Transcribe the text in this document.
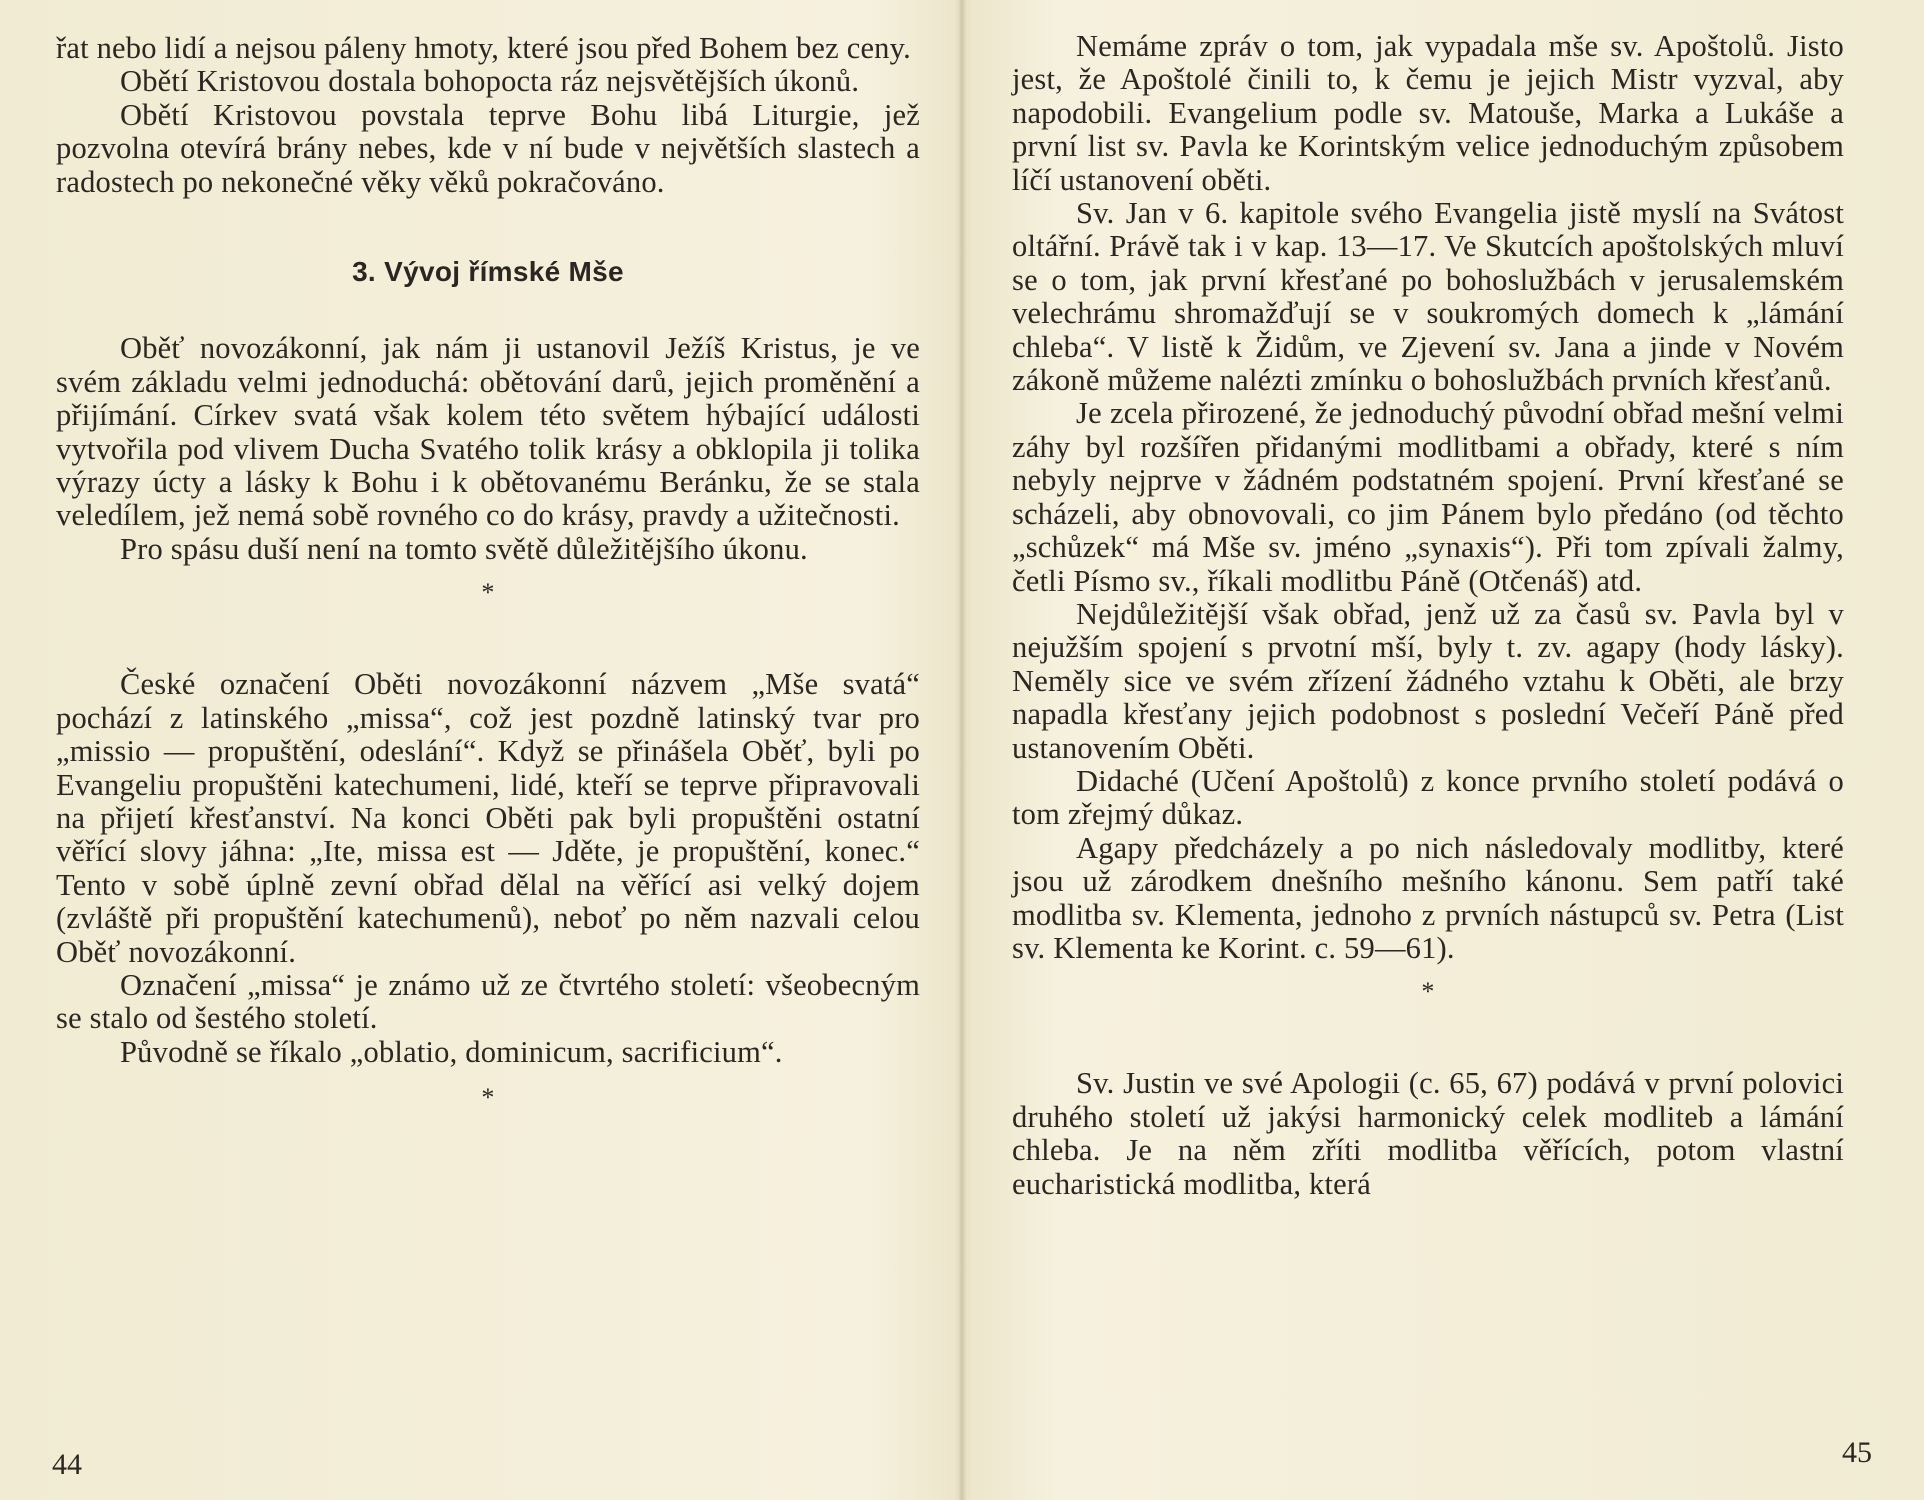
řat nebo lidí a nejsou páleny hmoty, které jsou před Bohem bez ceny.

Obětí Kristovou dostala bohopocta ráz nejsvětějších úkonů.

Obětí Kristovou povstala teprve Bohu libá Liturgie, jež pozvolna otevírá brány nebes, kde v ní bude v největších slastech a radostech po nekonečné věky věků pokračováno.

3. Vývoj římské Mše

Oběť novozákonní, jak nám ji ustanovil Ježíš Kristus, je ve svém základu velmi jednoduchá: obětování darů, jejich proměnění a přijímání. Církev svatá však kolem této světem hýbající události vytvořila pod vlivem Ducha Svatého tolik krásy a obklopila ji tolika výrazy úcty a lásky k Bohu i k obětovanému Beránku, že se stala veledílem, jež nemá sobě rovného co do krásy, pravdy a užitečnosti.

Pro spásu duší není na tomto světě důležitějšího úkonu.

*

České označení Oběti novozákonní názvem „Mše svatá“ pochází z latinského „missa“, což jest pozdně latinský tvar pro „missio — propuštění, odeslání“. Když se přinášela Oběť, byli po Evangeliu propuštěni katechumeni, lidé, kteří se teprve připravovali na přijetí křesťanství. Na konci Oběti pak byli propuštěni ostatní věřící slovy jáhna: „Ite, missa est — Jděte, je propuštění, konec.“ Tento v sobě úplně zevní obřad dělal na věřící asi velký dojem (zvláště při propuštění katechumenů), neboť po něm nazvali celou Oběť novozákonní.

Označení „missa“ je známo už ze čtvrtého století: všeobecným se stalo od šestého století.

Původně se říkalo „oblatio, dominicum, sacrificium“.

*
44

Nemáme zpráv o tom, jak vypadala mše sv. Apoštolů. Jisto jest, že Apoštolé činili to, k čemu je jejich Mistr vyzval, aby napodobili. Evangelium podle sv. Matouše, Marka a Lukáše a první list sv. Pavla ke Korintským velice jednoduchým způsobem líčí ustanovení oběti.

Sv. Jan v 6. kapitole svého Evangelia jistě myslí na Svátost oltářní. Právě tak i v kap. 13—17. Ve Skutcích apoštolských mluví se o tom, jak první křesťané po bohoslužbách v jerusalemském velechrámu shromažďují se v soukromých domech k „lámání chleba“. V listě k Židům, ve Zjevení sv. Jana a jinde v Novém zákoně můžeme nalézti zmínku o bohoslužbách prvních křesťanů.

Je zcela přirozené, že jednoduchý původní obřad mešní velmi záhy byl rozšířen přidanými modlitbami a obřady, které s ním nebyly nejprve v žádném podstatném spojení. První křesťané se scházeli, aby obnovovali, co jim Pánem bylo předáno (od těchto „schůzek“ má Mše sv. jméno „synaxis“). Při tom zpívali žalmy, četli Písmo sv., říkali modlitbu Páně (Otčenáš) atd.

Nejdůležitější však obřad, jenž už za časů sv. Pavla byl v nejužším spojení s prvotní mší, byly t. zv. agapy (hody lásky). Neměly sice ve svém zřízení žádného vztahu k Oběti, ale brzy napadla křesťany jejich podobnost s poslední Večeří Páně před ustanovením Oběti.

Didaché (Učení Apoštolů) z konce prvního století podává o tom zřejmý důkaz.

Agapy předcházely a po nich následovaly modlitby, které jsou už zárodkem dnešního mešního kánonu. Sem patří také modlitba sv. Klementa, jednoho z prvních nástupců sv. Petra (List sv. Klementa ke Korint. c. 59—61).

*

Sv. Justin ve své Apologii (c. 65, 67) podává v první polovici druhého století už jakýsi harmonický celek modliteb a lámání chleba. Je na něm zříti modlitba věřících, potom vlastní eucharistická modlitba, která

45
